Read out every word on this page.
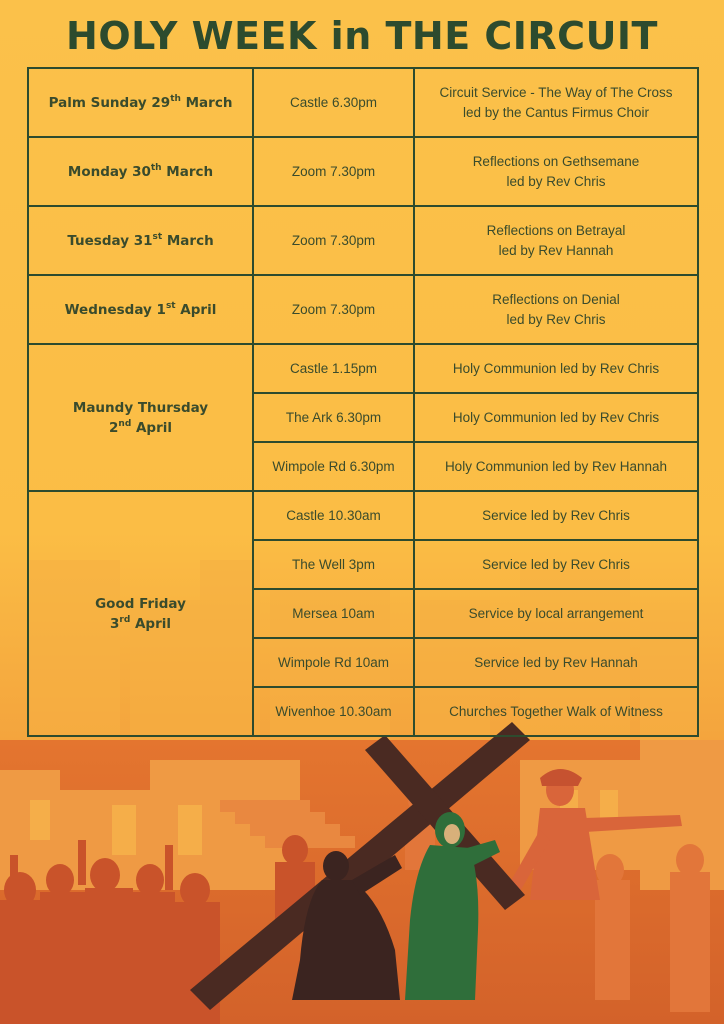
HOLY WEEK in THE CIRCUIT
Palm Sunday 29th March	Castle 6.30pm	Circuit Service - The Way of The Cross
led by the Cantus Firmus Choir

Monday 30th March	Zoom 7.30pm	Reflections on Gethsemane
led by Rev Chris

Tuesday 31st March	Zoom 7.30pm	Reflections on Betrayal
led by Rev Hannah

Wednesday 1st April	Zoom 7.30pm	Reflections on Denial
led by Rev Chris

Maundy Thursday
2nd April	Castle 1.15pm	Holy Communion led by Rev Chris
	The Ark 6.30pm	Holy Communion led by Rev Chris
	Wimpole Rd 6.30pm	Holy Communion led by Rev Hannah

Good Friday
3rd April	Castle 10.30am	Service led by Rev Chris
	The Well 3pm	Service led by Rev Chris
	Mersea 10am	Service by local arrangement
	Wimpole Rd 10am	Service led by Rev Hannah
	Wivenhoe 10.30am	Churches Together Walk of Witness
